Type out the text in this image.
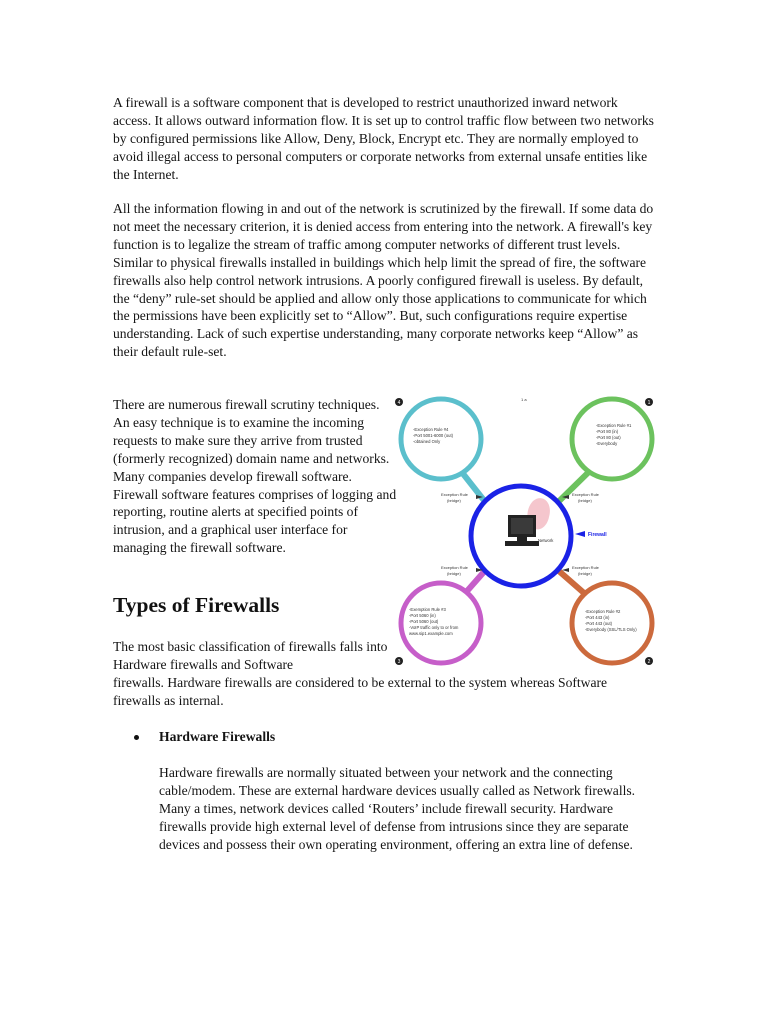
A firewall is a software component that is developed to restrict unauthorized inward network access. It allows outward information flow. It is set up to control traffic flow between two networks by configured permissions like Allow, Deny, Block, Encrypt etc. They are normally employed to avoid illegal access to personal computers or corporate networks from external unsafe entities like the Internet.

All the information flowing in and out of the network is scrutinized by the firewall. If some data do not meet the necessary criterion, it is denied access from entering into the network. A firewall's key function is to legalize the stream of traffic among computer networks of different trust levels. Similar to physical firewalls installed in buildings which help limit the spread of fire, the software firewalls also help control network intrusions. A poorly configured firewall is useless. By default, the “deny” rule-set should be applied and allow only those applications to communicate for which the permissions have been explicitly set to “Allow”. But, such configurations require expertise understanding. Lack of such expertise understanding, many corporate networks keep “Allow” as their default rule-set.

There are numerous firewall scrutiny techniques. An easy technique is to examine the incoming requests to make sure they arrive from trusted (formerly recognized) domain name and networks. Many companies develop firewall software. Firewall software features comprises of logging and reporting, routine alerts at specified points of intrusion, and a graphical user interface for managing the firewall software.

1 a
4	1
3	2
-Exception Rule #4
-Port 5001-6000 (out)
-obtained Only
-Exception Rule #1
-Port 80 (in)
-Port 80 (out)
-Everybody
-Exemption Rule #3
-Port 5060 (in)
-Port 5060 (out)
-VoIP traffic only to or from
www.sip1.example.com
-Exception Rule #2
-Port 443 (in)
-Port 443 (out)
-Everybody (SSL/TLS Only)
Network
Firewall
Exception Rule
(bridge)
Exception Rule
(bridge)
Exception Rule
(bridge)
Exception Rule
(bridge)
Types of Firewalls

The most basic classification of firewalls falls into Hardware firewalls and Software

firewalls. Hardware firewalls are considered to be external to the system whereas Software firewalls as internal.

Hardware Firewalls

Hardware firewalls are normally situated between your network and the connecting cable/modem. These are external hardware devices usually called as Network firewalls. Many a times, network devices called ‘Routers’ include firewall security. Hardware firewalls provide high external level of defense from intrusions since they are separate devices and possess their own operating environment, offering an extra line of defense.
